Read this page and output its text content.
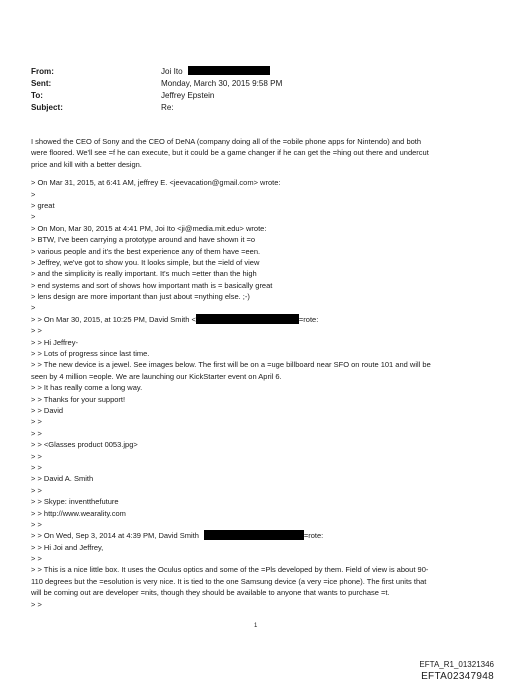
From:	Joi Ito
Sent:	Monday, March 30, 2015 9:58 PM
To:	Jeffrey Epstein
Subject:	Re:
I showed the CEO of Sony and the CEO of DeNA (company doing all of the =obile phone apps for Nintendo) and both
were floored. We'll see =f he can execute, but it could be a game changer if he can get the =hing out there and undercut
price and kill with a better design.
> On Mar 31, 2015, at 6:41 AM, jeffrey E. <jeevacation@gmail.com> wrote:
>
> great
>
> On Mon, Mar 30, 2015 at 4:41 PM, Joi Ito <ji@media.mit.edu> wrote:
> BTW, I've been carrying a prototype around and have shown it =o
> various people and it's the best experience any of them have =een.
> Jeffrey, we've got to show you. It looks simple, but the =ield of view
> and the simplicity is really important. It's much =etter than the high
> end systems and sort of shows how important math is = basically great
> lens design are more important than just about =nything else. ;-)
>
> > On Mar 30, 2015, at 10:25 PM, David Smith <	=rote:
> >
> > Hi Jeffrey-
> > Lots of progress since last time.
> > The new device is a jewel. See images below. The first will be on a =uge billboard near SFO on route 101 and will be
seen by 4 million =eople. We are launching our KickStarter event on April 6.
> > It has really come a long way.
> > Thanks for your support!
> > David
> >
> >
> > <Glasses product 0053.jpg>
> >
> >
> > David A. Smith
> >
> > Skype: inventthefuture
> > http://www.wearality.com
> >
> > On Wed, Sep 3, 2014 at 4:39 PM, David Smith	=rote:
> > Hi Joi and Jeffrey,
> >
> > This is a nice little box. It uses the Oculus optics and some of the =Pls developed by them. Field of view is about 90-
110 degrees but the =esolution is very nice. It is tied to the one Samsung device (a very =ice phone). The first units that
will be coming out are developer =nits, though they should be available to anyone that wants to purchase =t.
> >
1
EFTA_R1_01321346
EFTA02347948
